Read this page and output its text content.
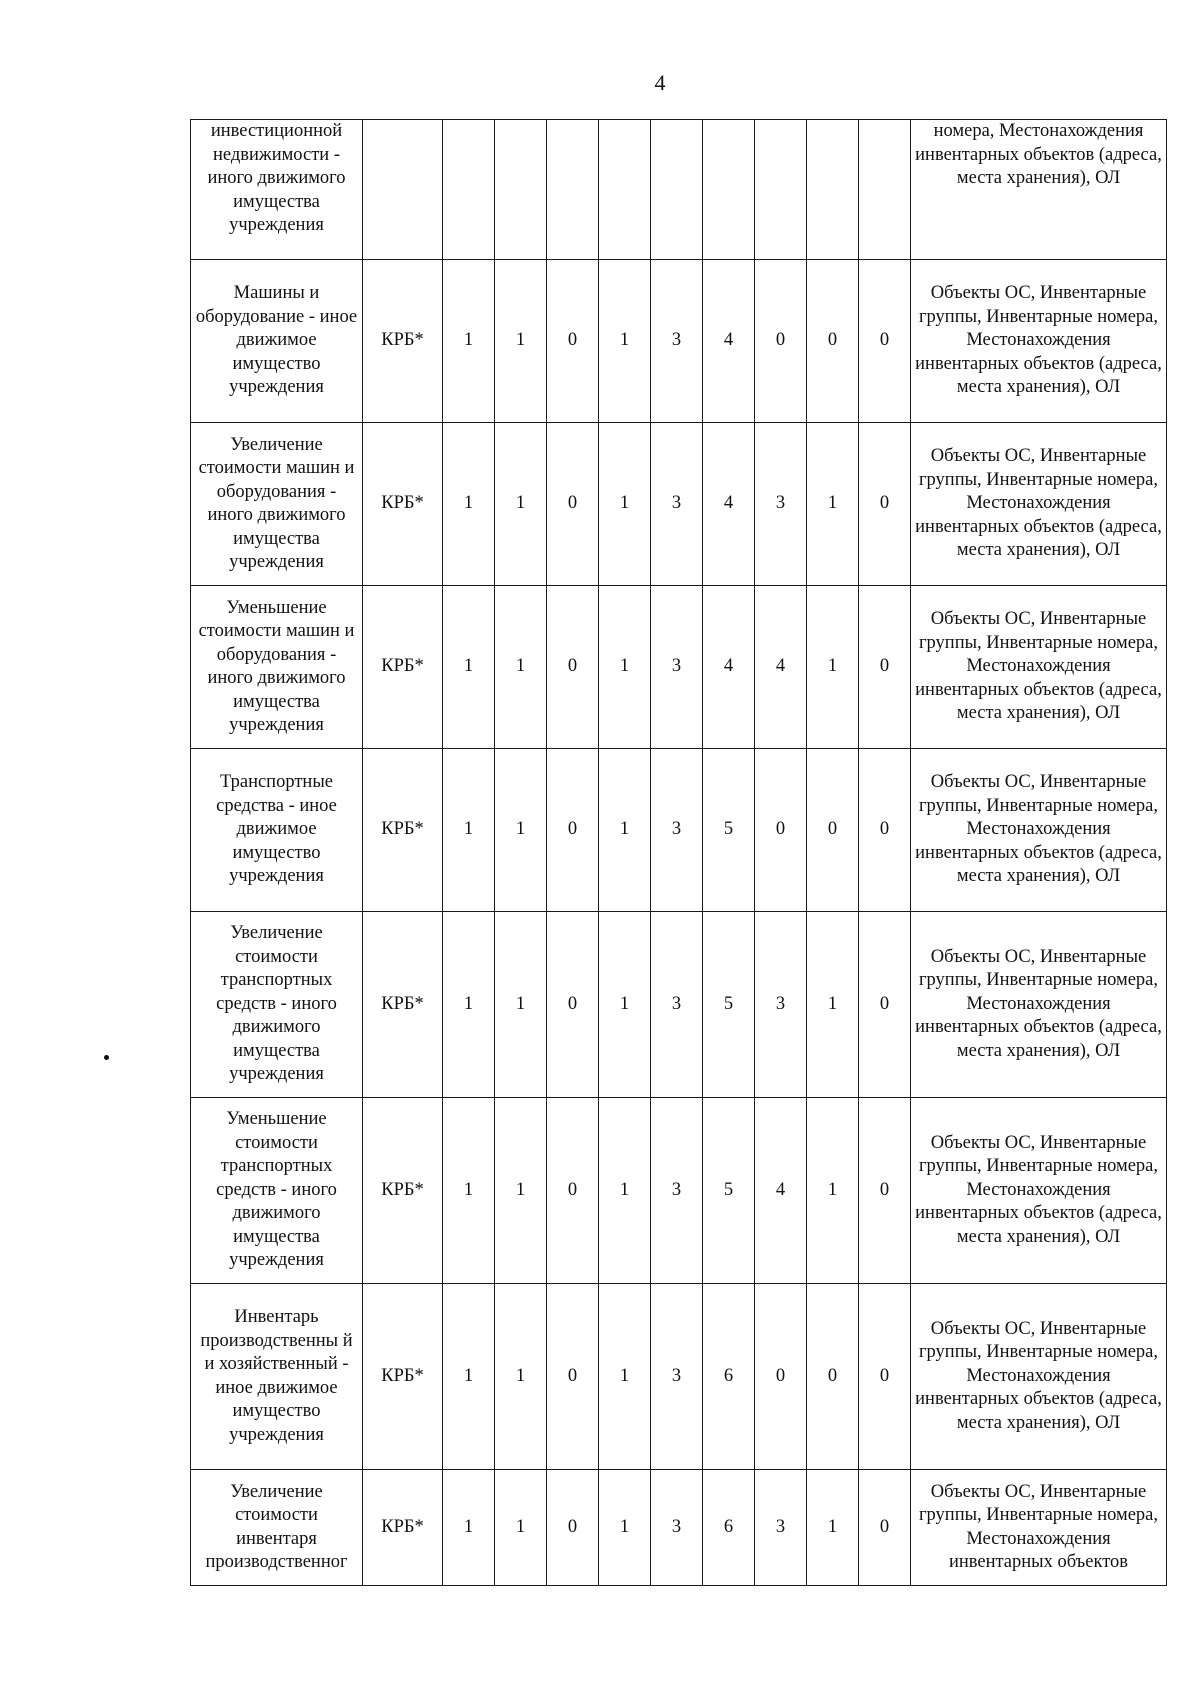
4
инвестиционной недвижимости - иного движимого имущества учреждения											номера, Местонахождения инвентарных объектов (адреса, места хранения), ОЛ
Машины и оборудование - иное движимое имущество учреждения	КРБ*	1	1	0	1	3	4	0	0	0	Объекты ОС, Инвентарные группы, Инвентарные номера, Местонахождения инвентарных объектов (адреса, места хранения), ОЛ
Увеличение стоимости машин и оборудования - иного движимого имущества учреждения	КРБ*	1	1	0	1	3	4	3	1	0	Объекты ОС, Инвентарные группы, Инвентарные номера, Местонахождения инвентарных объектов (адреса, места хранения), ОЛ
Уменьшение стоимости машин и оборудования - иного движимого имущества учреждения	КРБ*	1	1	0	1	3	4	4	1	0	Объекты ОС, Инвентарные группы, Инвентарные номера, Местонахождения инвентарных объектов (адреса, места хранения), ОЛ
Транспортные средства - иное движимое имущество учреждения	КРБ*	1	1	0	1	3	5	0	0	0	Объекты ОС, Инвентарные группы, Инвентарные номера, Местонахождения инвентарных объектов (адреса, места хранения), ОЛ
Увеличение стоимости транспортных средств - иного движимого имущества учреждения	КРБ*	1	1	0	1	3	5	3	1	0	Объекты ОС, Инвентарные группы, Инвентарные номера, Местонахождения инвентарных объектов (адреса, места хранения), ОЛ
Уменьшение стоимости транспортных средств - иного движимого имущества учреждения	КРБ*	1	1	0	1	3	5	4	1	0	Объекты ОС, Инвентарные группы, Инвентарные номера, Местонахождения инвентарных объектов (адреса, места хранения), ОЛ
Инвентарь производственны й и хозяйственный - иное движимое имущество учреждения	КРБ*	1	1	0	1	3	6	0	0	0	Объекты ОС, Инвентарные группы, Инвентарные номера, Местонахождения инвентарных объектов (адреса, места хранения), ОЛ
Увеличение стоимости инвентаря производственног	КРБ*	1	1	0	1	3	6	3	1	0	Объекты ОС, Инвентарные группы, Инвентарные номера, Местонахождения инвентарных объектов
